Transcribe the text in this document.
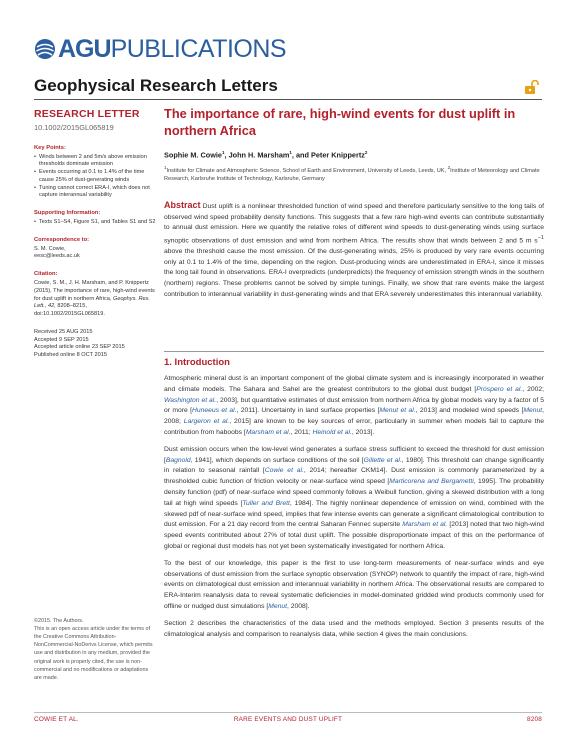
AGU PUBLICATIONS
Geophysical Research Letters
RESEARCH LETTER
10.1002/2015GL065819
Key Points:
• Winds between 2 and 5m/s above emission thresholds dominate emission
• Events occurring at 0.1 to 1.4% of the time cause 25% of dust-generating winds
• Tuning cannot correct ERA-I, which does not capture interannual variability
Supporting Information:
• Texts S1–S4, Figure S1, and Tables S1 and S2
Correspondence to:
S. M. Cowie,
eesc@leeds.ac.uk
Citation:
Cowie, S. M., J. H. Marsham, and P. Knippertz (2015), The importance of rare, high-wind events for dust uplift in northern Africa, Geophys. Res. Lett., 42, 8208–8215, doi:10.1002/2015GL065819.
Received 25 AUG 2015
Accepted 9 SEP 2015
Accepted article online 23 SEP 2015
Published online 8 OCT 2015
©2015. The Authors.
This is an open access article under the terms of the Creative Commons Attribution-NonCommercial-NoDerivs License, which permits use and distribution in any medium, provided the original work is properly cited, the use is non-commercial and no modifications or adaptations are made.
The importance of rare, high-wind events for dust uplift in northern Africa
Sophie M. Cowie$^1$, John H. Marsham$^1$, and Peter Knippertz$^2$
$^1$Institute for Climate and Atmospheric Science, School of Earth and Environment, University of Leeds, Leeds, UK, $^2$Institute of Meteorology and Climate Research, Karlsruhe Institute of Technology, Karlsruhe, Germany
Abstract Dust uplift is a nonlinear thresholded function of wind speed and therefore particularly sensitive to the long tails of observed wind speed probability density functions. This suggests that a few rare high-wind events can contribute substantially to annual dust emission. Here we quantify the relative roles of different wind speeds to dust-generating winds using surface synoptic observations of dust emission and wind from northern Africa. The results show that winds between 2 and 5 m $s^{-1}$ above the threshold cause the most emission. Of the dust-generating winds, 25% is produced by very rare events occurring only at 0.1 to 1.4% of the time, depending on the region. Dust-producing winds are underestimated in ERA-I, since it misses the long tail found in observations. ERA-I overpredicts (underpredicts) the frequency of emission strength winds in the southern (northern) regions. These problems cannot be solved by simple tunings. Finally, we show that rare events make the largest contribution to interannual variability in dust-generating winds and that ERA severely underestimates this interannual variability.
1. Introduction

Atmospheric mineral dust is an important component of the global climate system and is increasingly incorporated in weather and climate models. The Sahara and Sahel are the greatest contributors to the global dust budget [Prospero et al., 2002; Washington et al., 2003], but quantitative estimates of dust emission from northern Africa by global models vary by a factor of 5 or more [Huneeus et al., 2011]. Uncertainty in land surface properties [Menut et al., 2013] and modeled wind speeds [Menut, 2008; Largeron et al., 2015] are known to be key sources of error, particularly in summer when models fail to capture the contribution from haboobs [Marsham et al., 2011; Heinold et al., 2013].

Dust emission occurs when the low-level wind generates a surface stress sufficient to exceed the threshold for dust emission [Bagnold, 1941], which depends on surface conditions of the soil [Gillette et al., 1980]. This threshold can change significantly in relation to seasonal rainfall [Cowie et al., 2014; hereafter CKM14]. Dust emission is commonly parameterized by a thresholded cubic function of friction velocity or near-surface wind speed [Marticorena and Bergametti, 1995]. The probability density function (pdf) of near-surface wind speed commonly follows a Weibull function, giving a skewed distribution with a long tail at high wind speeds [Tuller and Brett, 1984]. The highly nonlinear dependence of emission on wind, combined with the skewed pdf of near-surface wind speed, implies that few intense events can generate a significant climatological contribution to dust emission. For a 21 day record from the central Saharan Fennec supersite Marsham et al. [2013] noted that two high-wind speed events contributed about 27% of total dust uplift. The possible disproportionate impact of this on the performance of global or regional dust models has not yet been systematically investigated for northern Africa.

To the best of our knowledge, this paper is the first to use long-term measurements of near-surface winds and eye observations of dust emission from the surface synoptic observation (SYNOP) network to quantify the impact of rare, high-wind events on climatological dust emission and interannual variability in northern Africa. The observational results are compared to ERA-Interim reanalysis data to reveal systematic deficiencies in model-dominated gridded wind products commonly used for offline or nudged dust simulations [Menut, 2008].

Section 2 describes the characteristics of the data used and the methods employed. Section 3 presents results of the climatological analysis and comparison to reanalysis data, while section 4 gives the main conclusions.

COWIE ET AL.	RARE EVENTS AND DUST UPLIFT	8208
